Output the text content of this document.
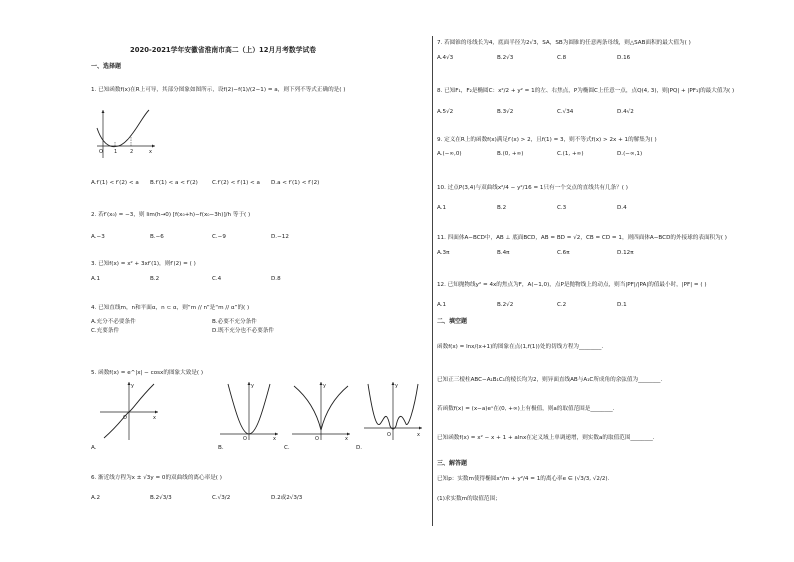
2020-2021学年安徽省淮南市高二（上）12月月考数学试卷
一、选择题
1. 已知函数f(x)在R上可导，其部分图象如图所示，设f(2)−f(1)/(2−1) = a，则下列不等式正确的是( )
O 1	2	x
A.f′(1) < f′(2) < a B.f′(1) < a < f′(2)	C.f′(2) < f′(1) < a D.a < f′(1) < f′(2)
2. 若f′(x₀) = −3，则 lim(h→0) [f(x₀+h)−f(x₀−3h)]/h 等于( )
A.−3	B.−6	C.−9	D.−12
3. 已知f(x) = x² + 3xf′(1)，则f′(2) = ( )
A.1	B.2	C.4	D.8
4. 已知直线m，n和平面α，n ⊂ α，则“m // n”是“m // α”的( )
A.充分不必要条件	B.必要不充分条件
C.充要条件	D.既不充分也不必要条件
5. 函数f(x) = e^|x| − cosx的图象大致是( )
O	x
y
O	x
y
O	x
y
O	x
y
A.	B.	C.	D.
6. 渐近线方程为x ± √3y = 0的双曲线的离心率是( )
A.2	B.2√3/3	C.√3/2	D.2或2√3/3
7. 若圆锥的母线长为4，底面半径为2√3，SA，SB为圆锥的任意两条母线，则△SAB面积的最大值为( )
A.4√3	B.2√3	C.8	D.16
8. 已知F₁，F₂是椭圆C：x²/2 + y² = 1的左、右焦点，P为椭圆C上任意一点，点Q(4, 3)，则|PQ| + |PF₁|的最大值为( )
A.5√2	B.3√2	C.√34	D.4√2
9. 定义在R上的函数f(x)满足f′(x) > 2，且f(1) = 3，则不等式f(x) > 2x + 1的解集为( )
A.(−∞,0)	B.(0, +∞)	C.(1, +∞)	D.(−∞,1)
10. 过点P(3,4)与双曲线x²/4 − y²/16 = 1只有一个交点的直线共有几条？( )
A.1	B.2	C.3	D.4
11. 四面体A−BCD中，AB ⊥ 底面BCD，AB = BD = √2，CB = CD = 1，则四面体A−BCD的外接球的表面积为( )
A.3π	B.4π	C.6π	D.12π
12. 已知抛物线y² = 4x的焦点为F，A(−1,0)，点P是抛物线上的动点，则当|PF|/|PA|的值最小时，|PF| = ( )
A.1	B.2√2	C.2	D.1
二、填空题
函数f(x) = lnx/(x+1)的图象在点(1,f(1))处的切线方程为________.
已知正三棱柱ABC−A₁B₁C₁的棱长均为2，则异面直线AB与A₁C所成角的余弦值为________.
若函数f(x) = (x−a)eˣ在(0, +∞)上有极值，则a的取值范围是________.
已知函数f(x) = x² − x + 1 + alnx在定义域上单调递增，则实数a的取值范围________.
三、解答题
已知p：实数m使得椭圆x²/m + y²/4 = 1的离心率e ∈ (√3/3, √2/2).
(1)求实数m的取值范围；
